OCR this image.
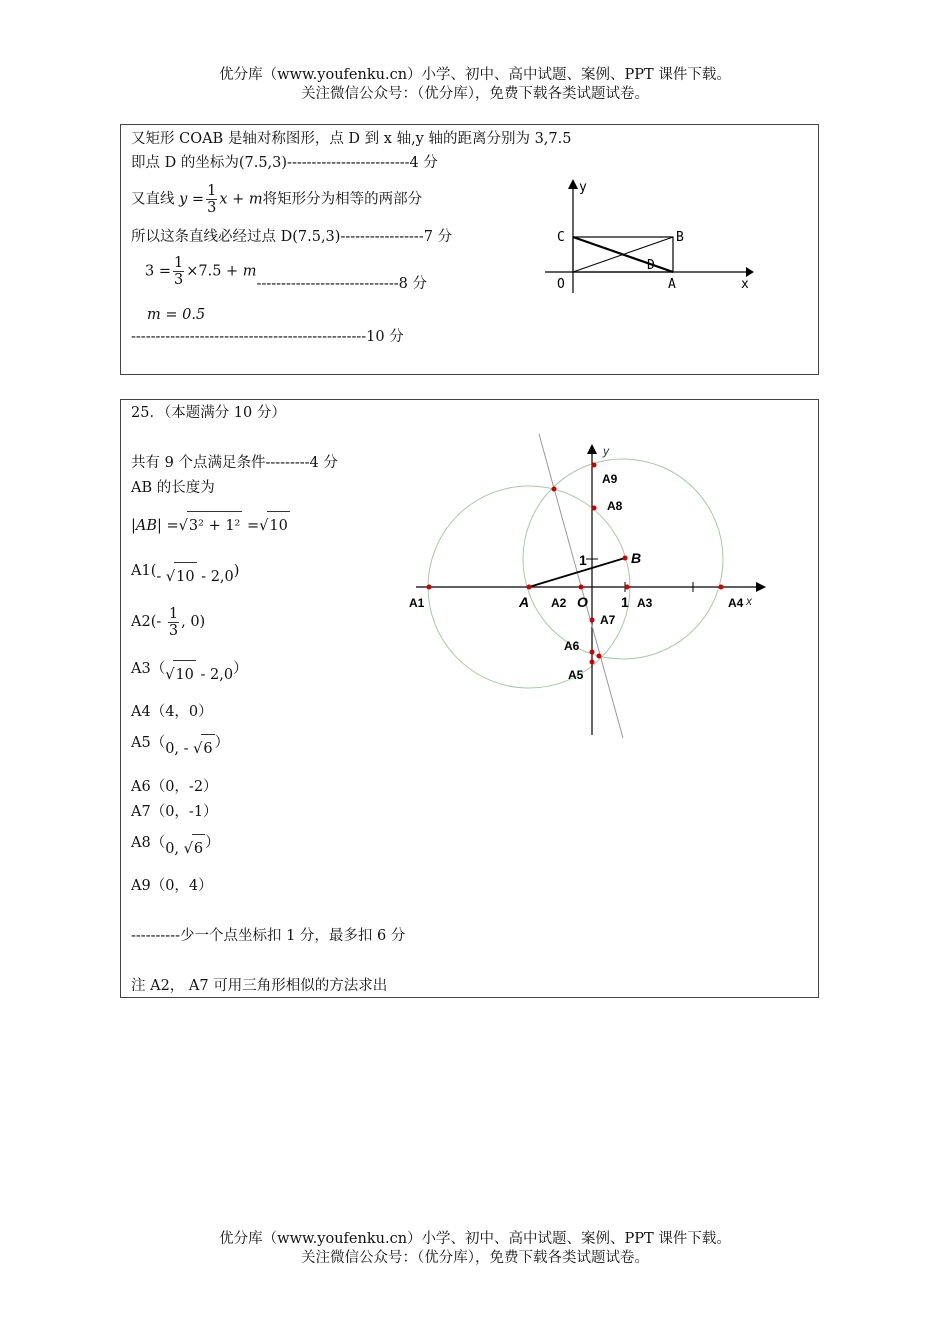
优分库（www.youfenku.cn）小学、初中、高中试题、案例、PPT 课件下载。
关注微信公众号：（优分库），免费下载各类试题试卷。
又矩形 COAB 是轴对称图形，点 D 到 x 轴,y 轴的距离分别为 3,7.5
即点 D 的坐标为(7.5,3)-------------------------4 分
又直线 $y = \frac{1}{3}$ x + m将矩形分为相等的两部分
所以这条直线必经过点 D(7.5,3)-----------------7 分
$3 = \frac{1}{3} \times 7.5 + m-----------------------------8$ 分
m = 0.5
------------------------------------------------10 分
y
x
C	B
O	A
D
25．（本题满分 10 分）
共有 9 个点满足条件---------4 分
AB 的长度为
|AB| =√3² + 1² =√10
A1(- √10 - 2,0)
$A2(- \frac{1}{3}$ , 0)
A3（√10 - 2,0）
A4（4，0）
A5（0, - √6 ）
A6（0，-2）
A7（0，-1）
A8（0, √6 ）
A9（0，4）
----------少一个点坐标扣 1 分，最多扣 6 分
注 A2， A7 可用三角形相似的方法求出
y
x
1
1
B
A	O
A1	A2	A3	A4
A5
A6
A7
A8
A9
优分库（www.youfenku.cn）小学、初中、高中试题、案例、PPT 课件下载。
关注微信公众号：（优分库），免费下载各类试题试卷。
